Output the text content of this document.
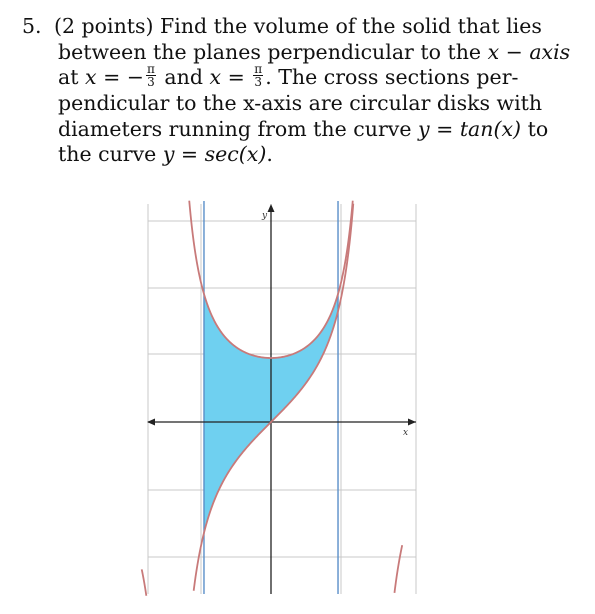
5. (2 points) Find the volume of the solid that lies
between the planes perpendicular to the x − axis
at x = − $\frac{\pi}{3}$ and $x = \frac{\pi}{3}$ . The cross sections per-
pendicular to the x-axis are circular disks with
diameters running from the curve y = tan(x) to
the curve y = sec(x).
x
y
